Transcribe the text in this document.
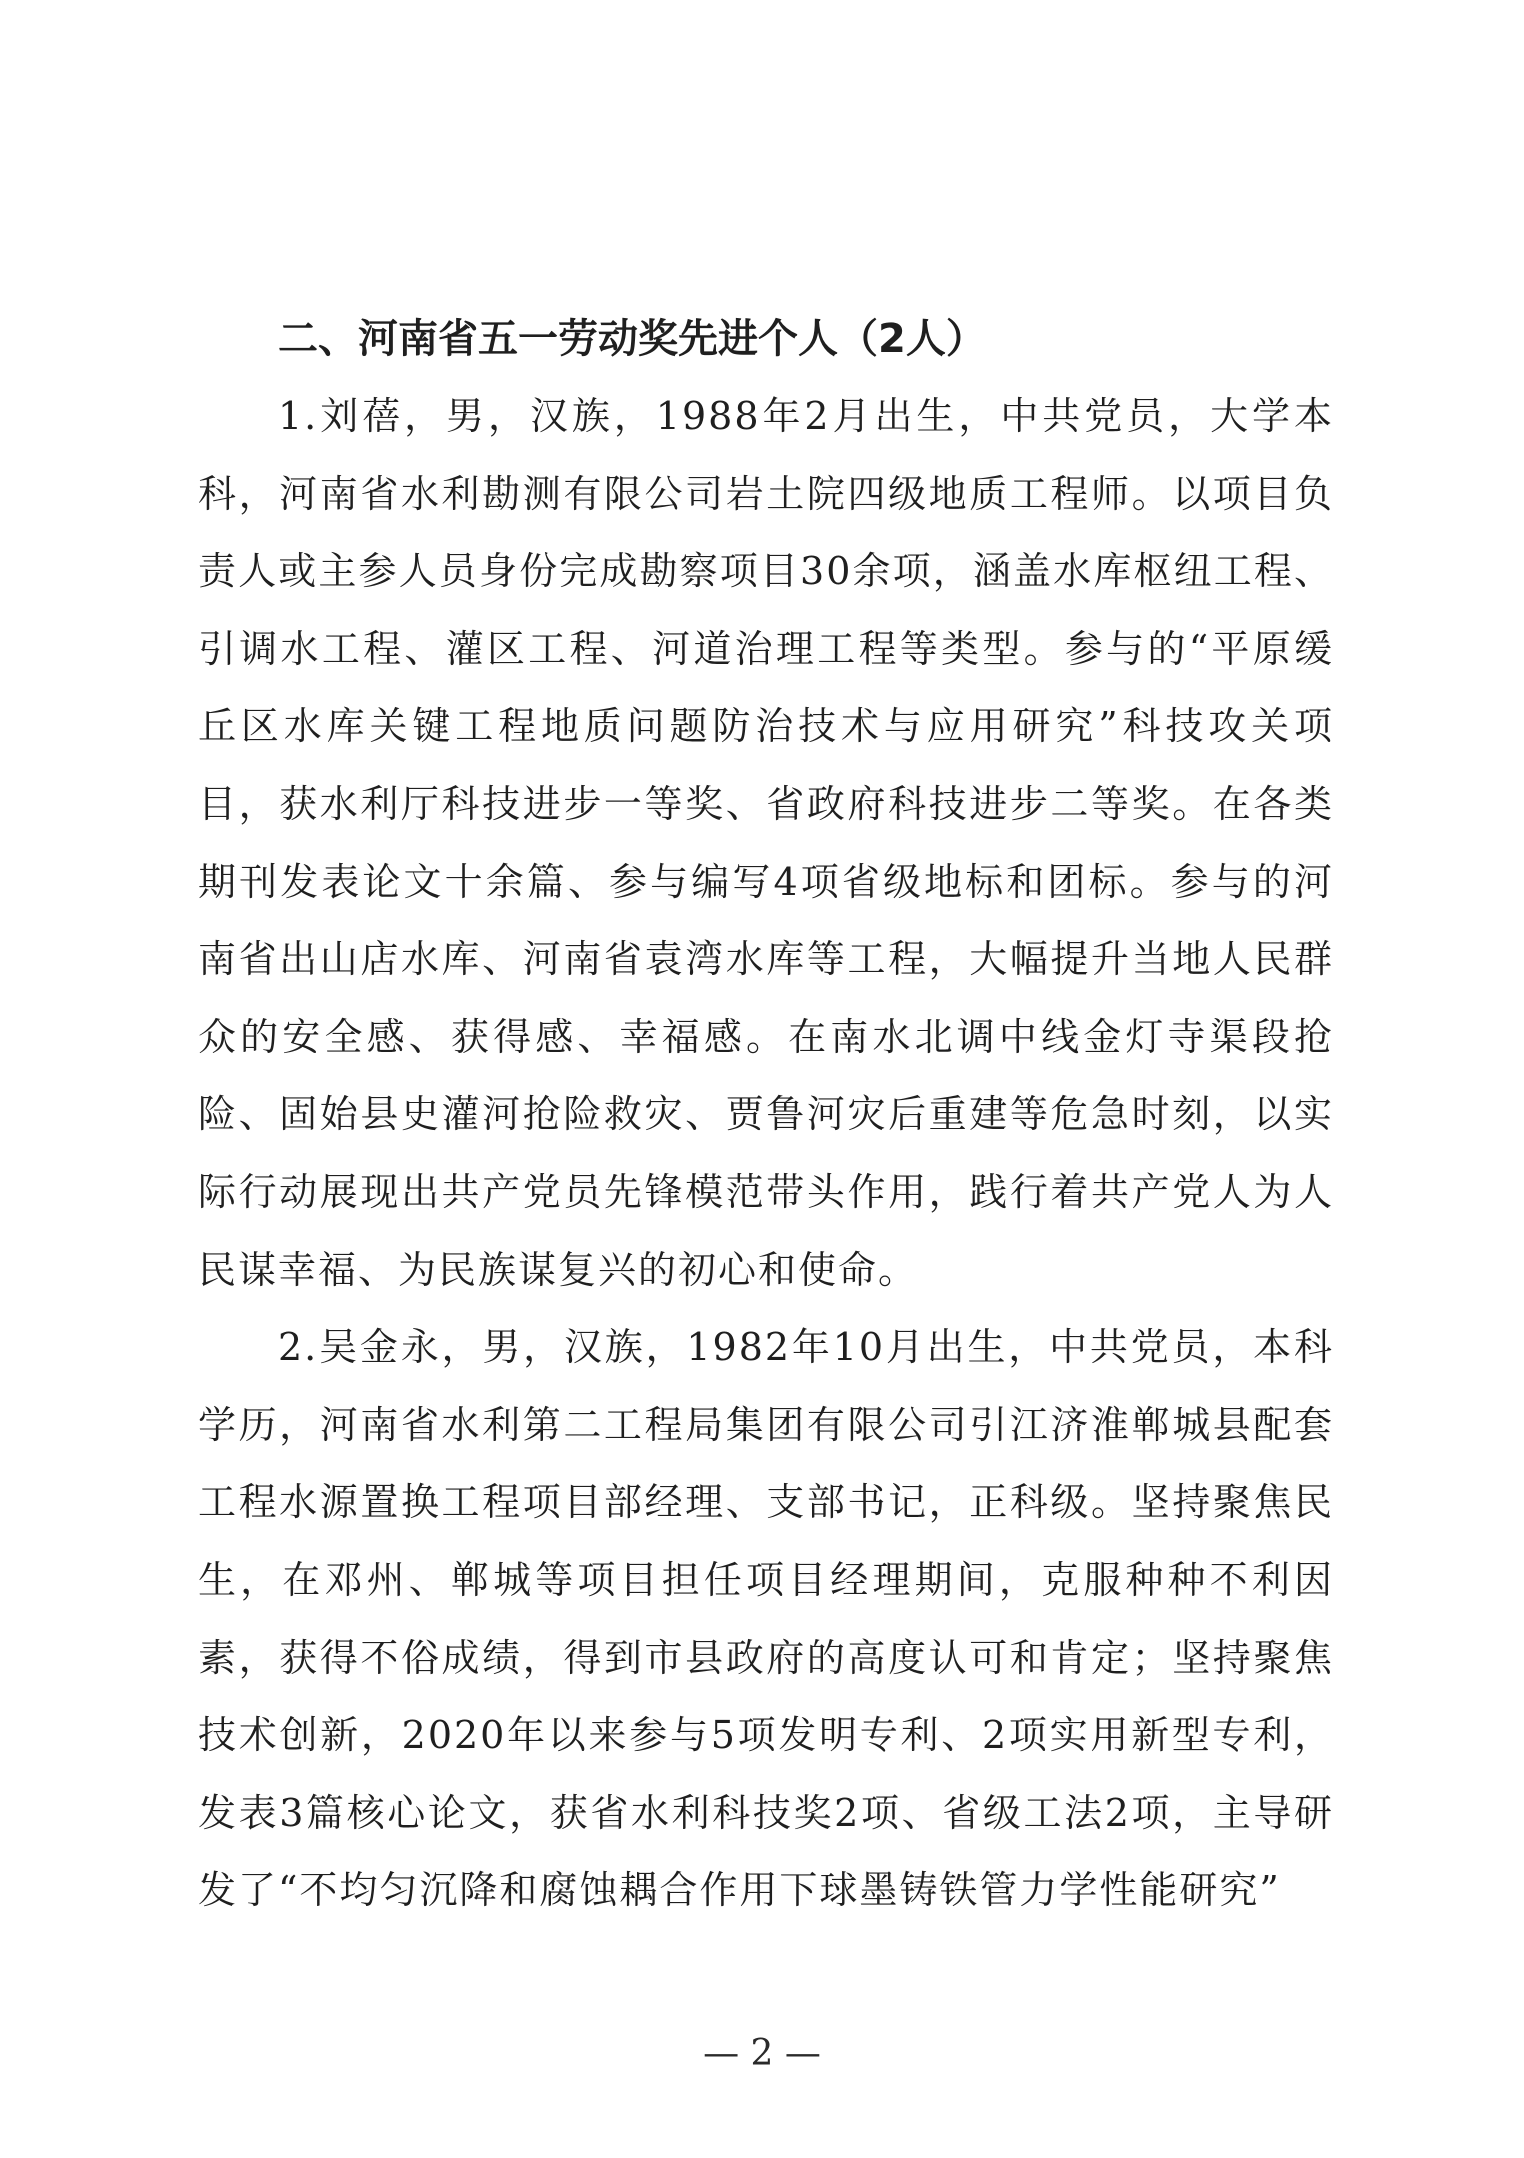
二、河南省五一劳动奖先进个人（2人）

1.刘蓓，男，汉族，1988年2月出生，中共党员，大学本科，河南省水利勘测有限公司岩土院四级地质工程师。以项目负责人或主参人员身份完成勘察项目30余项，涵盖水库枢纽工程、引调水工程、灌区工程、河道治理工程等类型。参与的“平原缓丘区水库关键工程地质问题防治技术与应用研究”科技攻关项目，获水利厅科技进步一等奖、省政府科技进步二等奖。在各类期刊发表论文十余篇、参与编写4项省级地标和团标。参与的河南省出山店水库、河南省袁湾水库等工程，大幅提升当地人民群众的安全感、获得感、幸福感。在南水北调中线金灯寺渠段抢险、固始县史灌河抢险救灾、贾鲁河灾后重建等危急时刻，以实际行动展现出共产党员先锋模范带头作用，践行着共产党人为人民谋幸福、为民族谋复兴的初心和使命。

2.吴金永，男，汉族，1982年10月出生，中共党员，本科学历，河南省水利第二工程局集团有限公司引江济淮郸城县配套工程水源置换工程项目部经理、支部书记，正科级。坚持聚焦民生，在邓州、郸城等项目担任项目经理期间，克服种种不利因素，获得不俗成绩，得到市县政府的高度认可和肯定；坚持聚焦技术创新，2020年以来参与5项发明专利、2项实用新型专利，发表3篇核心论文，获省水利科技奖2项、省级工法2项，主导研发了“不均匀沉降和腐蚀耦合作用下球墨铸铁管力学性能研究”

— 2 —
